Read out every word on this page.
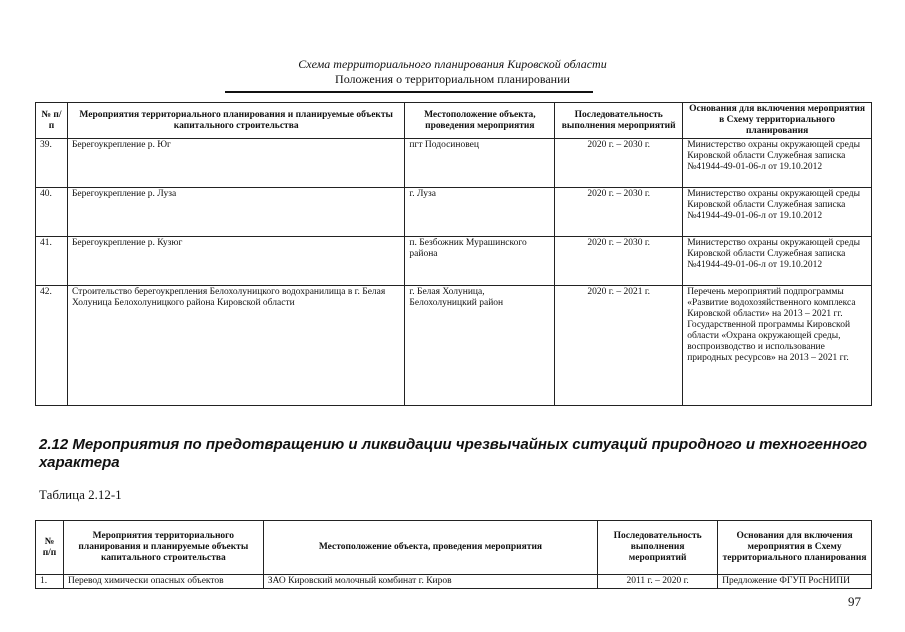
Схема территориального планирования Кировской области
Положения о территориальном планировании
№ п/п	Мероприятия территориального планирования и планируемые объекты капитального строительства	Местоположение объекта, проведения мероприятия	Последовательность выполнения мероприятий	Основания для включения мероприятия в Схему территориального планирования
39.	Берегоукрепление р. Юг	пгт Подосиновец	2020 г. – 2030 г.	Министерство охраны окружающей среды Кировской области Служебная записка №41944-49-01-06-л от 19.10.2012
40.	Берегоукрепление р. Луза	г. Луза	2020 г. – 2030 г.	Министерство охраны окружающей среды Кировской области Служебная записка №41944-49-01-06-л от 19.10.2012
41.	Берегоукрепление р. Кузюг	п. Безбожник Мурашинского района	2020 г. – 2030 г.	Министерство охраны окружающей среды Кировской области Служебная записка №41944-49-01-06-л от 19.10.2012
42.	Строительство берегоукрепления Белохолуницкого водохранилища в г. Белая Холуница Белохолуницкого района Кировской области	г. Белая Холуница, Белохолуницкий район	2020 г. – 2021 г.	Перечень мероприятий подпрограммы «Развитие водохозяйственного комплекса Кировской области» на 2013 – 2021 гг. Государственной программы Кировской области «Охрана окружающей среды, воспроизводство и использование природных ресурсов» на 2013 – 2021 гг.
2.12 Мероприятия по предотвращению и ликвидации чрезвычайных ситуаций природного и техногенного характера
Таблица 2.12-1
№ п/п	Мероприятия территориального планирования и планируемые объекты капитального строительства	Местоположение объекта, проведения мероприятия	Последовательность выполнения мероприятий	Основания для включения мероприятия в Схему территориального планирования
1.	Перевод химически опасных объектов	ЗАО Кировский молочный комбинат г. Киров	2011 г. – 2020 г.	Предложение ФГУП РосНИПИ
97
